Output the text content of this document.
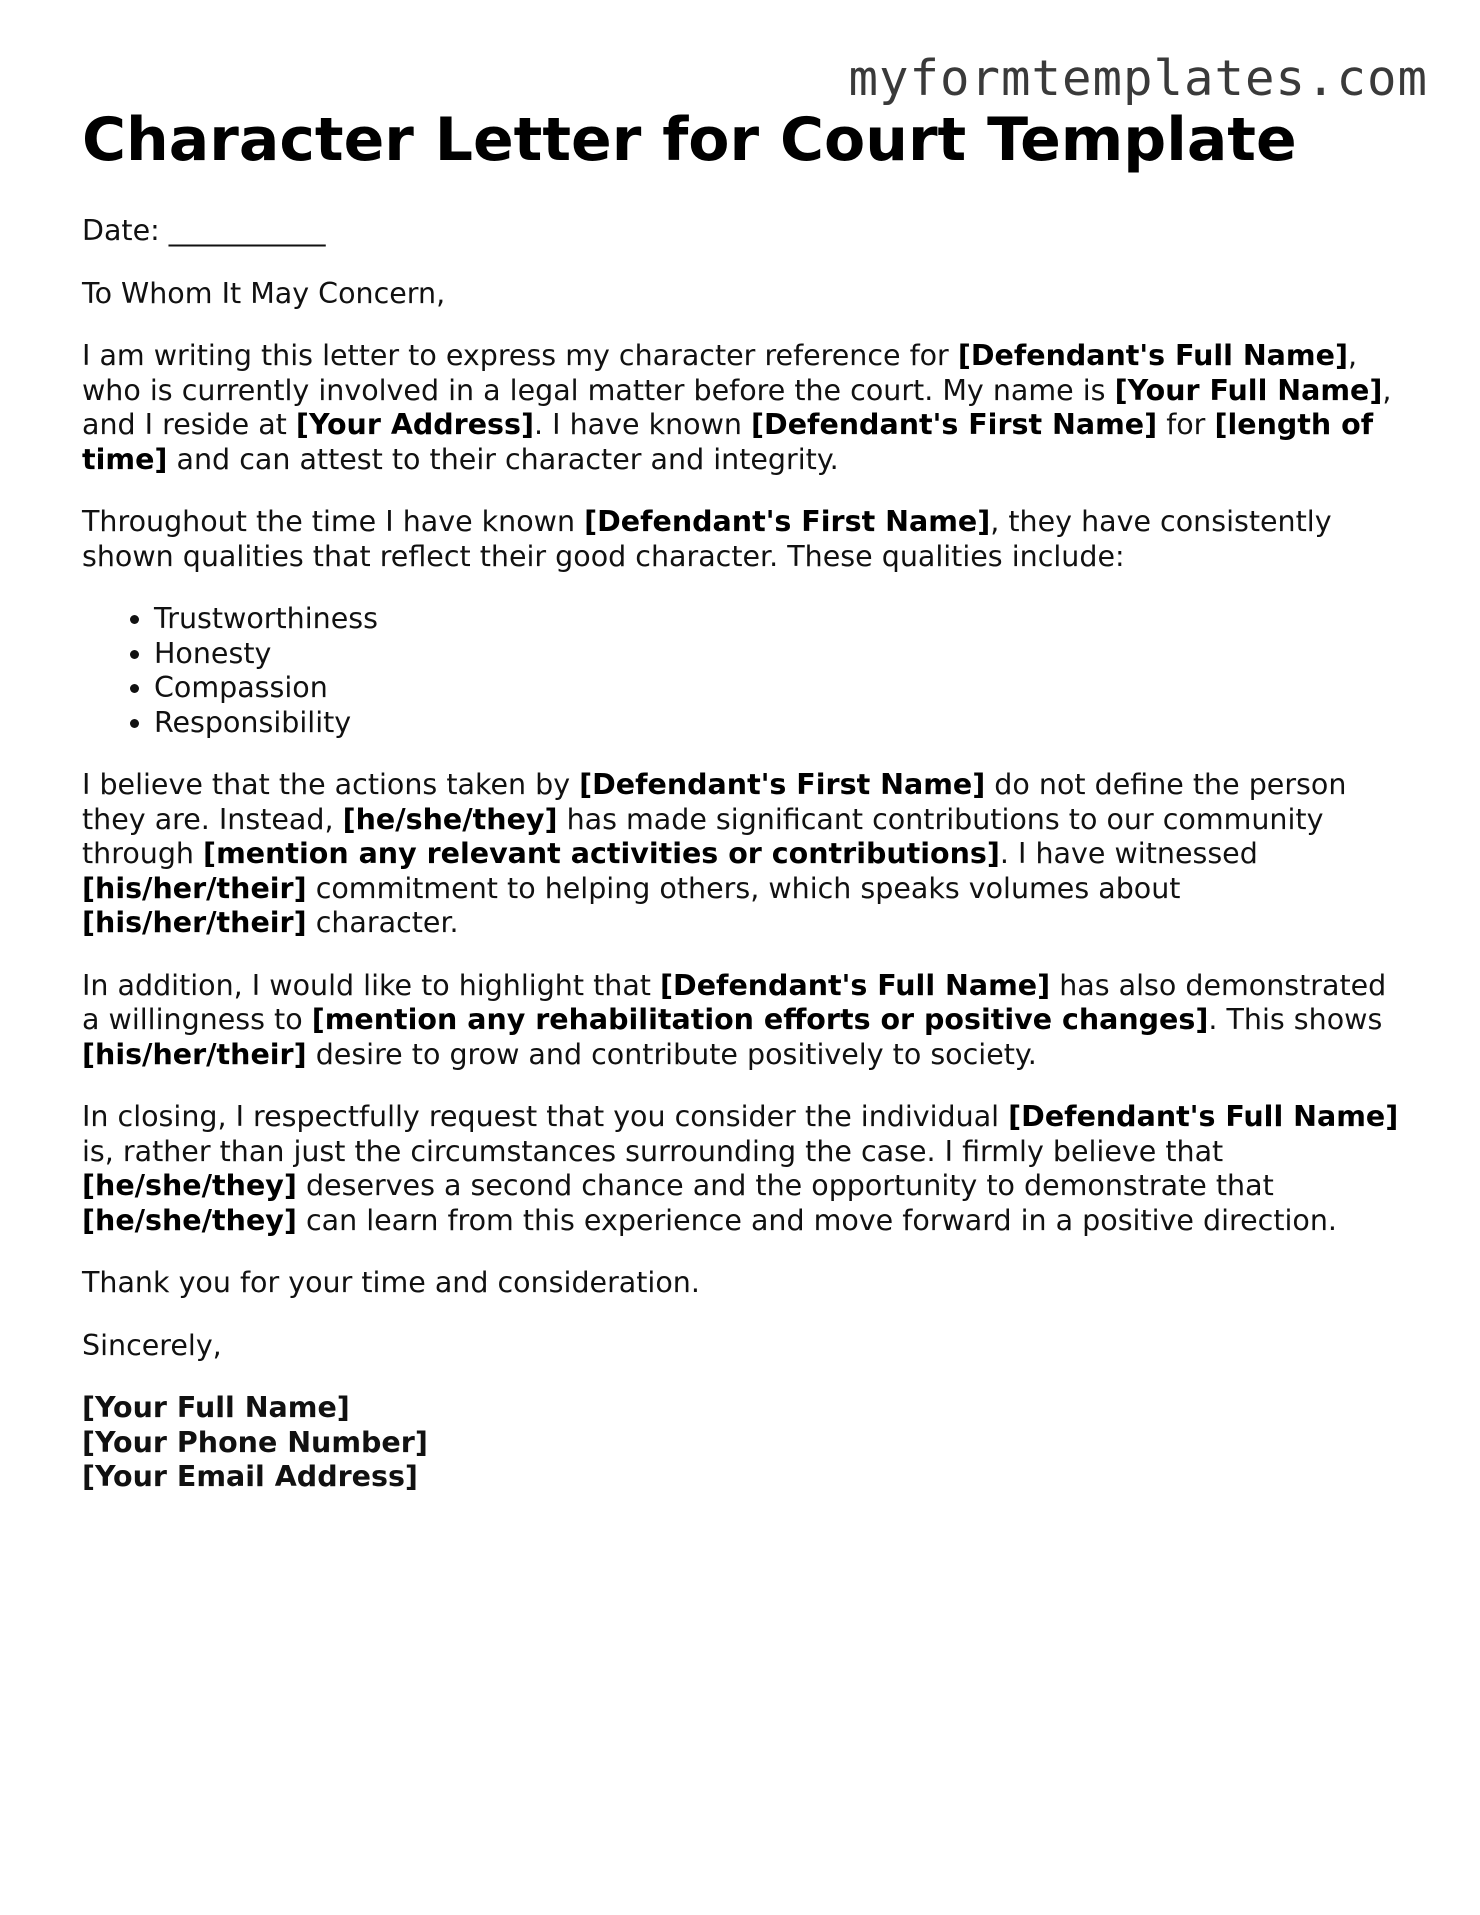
myformtemplates.com
Character Letter for Court Template

Date: ___________

To Whom It May Concern,

I am writing this letter to express my character reference for [Defendant's Full Name], who is currently involved in a legal matter before the court. My name is [Your Full Name], and I reside at [Your Address]. I have known [Defendant's First Name] for [length of time] and can attest to their character and integrity.

Throughout the time I have known [Defendant's First Name], they have consistently shown qualities that reflect their good character. These qualities include:

• Trustworthiness
• Honesty
• Compassion
• Responsibility

I believe that the actions taken by [Defendant's First Name] do not define the person they are. Instead, [he/she/they] has made significant contributions to our community through [mention any relevant activities or contributions]. I have witnessed [his/her/their] commitment to helping others, which speaks volumes about [his/her/their] character.

In addition, I would like to highlight that [Defendant's Full Name] has also demonstrated a willingness to [mention any rehabilitation efforts or positive changes]. This shows [his/her/their] desire to grow and contribute positively to society.

In closing, I respectfully request that you consider the individual [Defendant's Full Name] is, rather than just the circumstances surrounding the case. I firmly believe that [he/she/they] deserves a second chance and the opportunity to demonstrate that [he/she/they] can learn from this experience and move forward in a positive direction.

Thank you for your time and consideration.

Sincerely,

[Your Full Name]
[Your Phone Number]
[Your Email Address]
